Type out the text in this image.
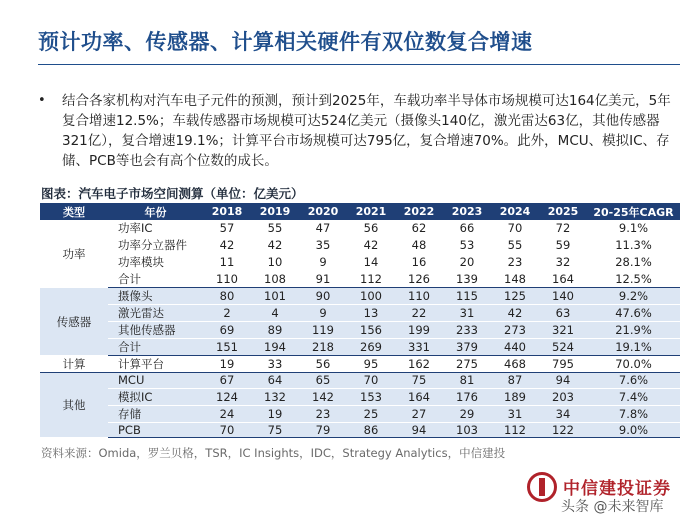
预计功率、传感器、计算相关硬件有双位数复合增速
•	结合各家机构对汽车电子元件的预测，预计到2025年，车载功率半导体市场规模可达164亿美元，5年复合增速12.5%；车载传感器市场规模可达524亿美元（摄像头140亿，激光雷达63亿，其他传感器321亿），复合增速19.1%；计算平台市场规模可达795亿，复合增速70%。此外，MCU、模拟IC、存储、PCB等也会有高个位数的成长。
图表：汽车电子市场空间测算（单位：亿美元）
类型	年份	2018	2019	2020	2021	2022	2023	2024	2025	20-25年CAGR
功率	功率IC	57	55	47	56	62	66	70	72	9.1%
	功率分立器件	42	42	35	42	48	53	55	59	11.3%
	功率模块	11	10	9	14	16	20	23	32	28.1%
	合计	110	108	91	112	126	139	148	164	12.5%
传感器	摄像头	80	101	90	100	110	115	125	140	9.2%
	激光雷达	2	4	9	13	22	31	42	63	47.6%
	其他传感器	69	89	119	156	199	233	273	321	21.9%
	合计	151	194	218	269	331	379	440	524	19.1%
计算	计算平台	19	33	56	95	162	275	468	795	70.0%
其他	MCU	67	64	65	70	75	81	87	94	7.6%
	模拟IC	124	132	142	153	164	176	189	203	7.4%
	存储	24	19	23	25	27	29	31	34	7.8%
	PCB	70	75	79	86	94	103	112	122	9.0%
资料来源：Omida，罗兰贝格，TSR，IC Insights，IDC，Strategy Analytics，中信建投
中信建投证券
头条 @未来智库
